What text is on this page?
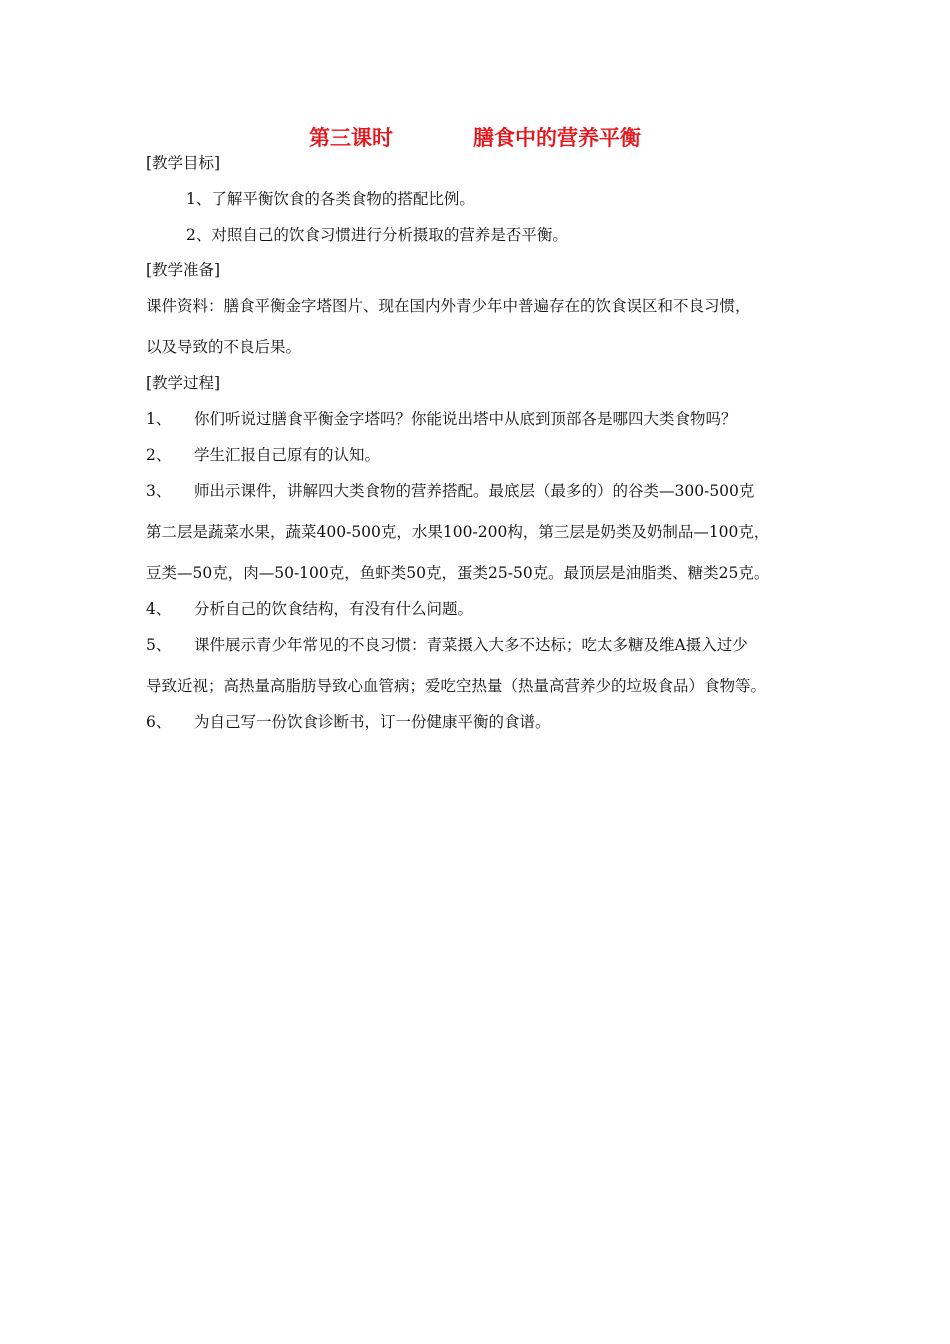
第三课时	膳食中的营养平衡
[教学目标]
1、了解平衡饮食的各类食物的搭配比例。
2、对照自己的饮食习惯进行分析摄取的营养是否平衡。
[教学准备]
课件资料：膳食平衡金字塔图片、现在国内外青少年中普遍存在的饮食误区和不良习惯，
以及导致的不良后果。
[教学过程]
1、 你们听说过膳食平衡金字塔吗？你能说出塔中从底到顶部各是哪四大类食物吗？
2、 学生汇报自己原有的认知。
3、 师出示课件，讲解四大类食物的营养搭配。最底层（最多的）的谷类—300-500克
第二层是蔬菜水果，蔬菜400-500克，水果100-200构，第三层是奶类及奶制品—100克，
豆类—50克，肉—50-100克，鱼虾类50克，蛋类25-50克。最顶层是油脂类、糖类25克。
4、 分析自己的饮食结构，有没有什么问题。
5、 课件展示青少年常见的不良习惯：青菜摄入大多不达标；吃太多糖及维A摄入过少
导致近视；高热量高脂肪导致心血管病；爱吃空热量（热量高营养少的垃圾食品）食物等。
6、 为自己写一份饮食诊断书，订一份健康平衡的食谱。
